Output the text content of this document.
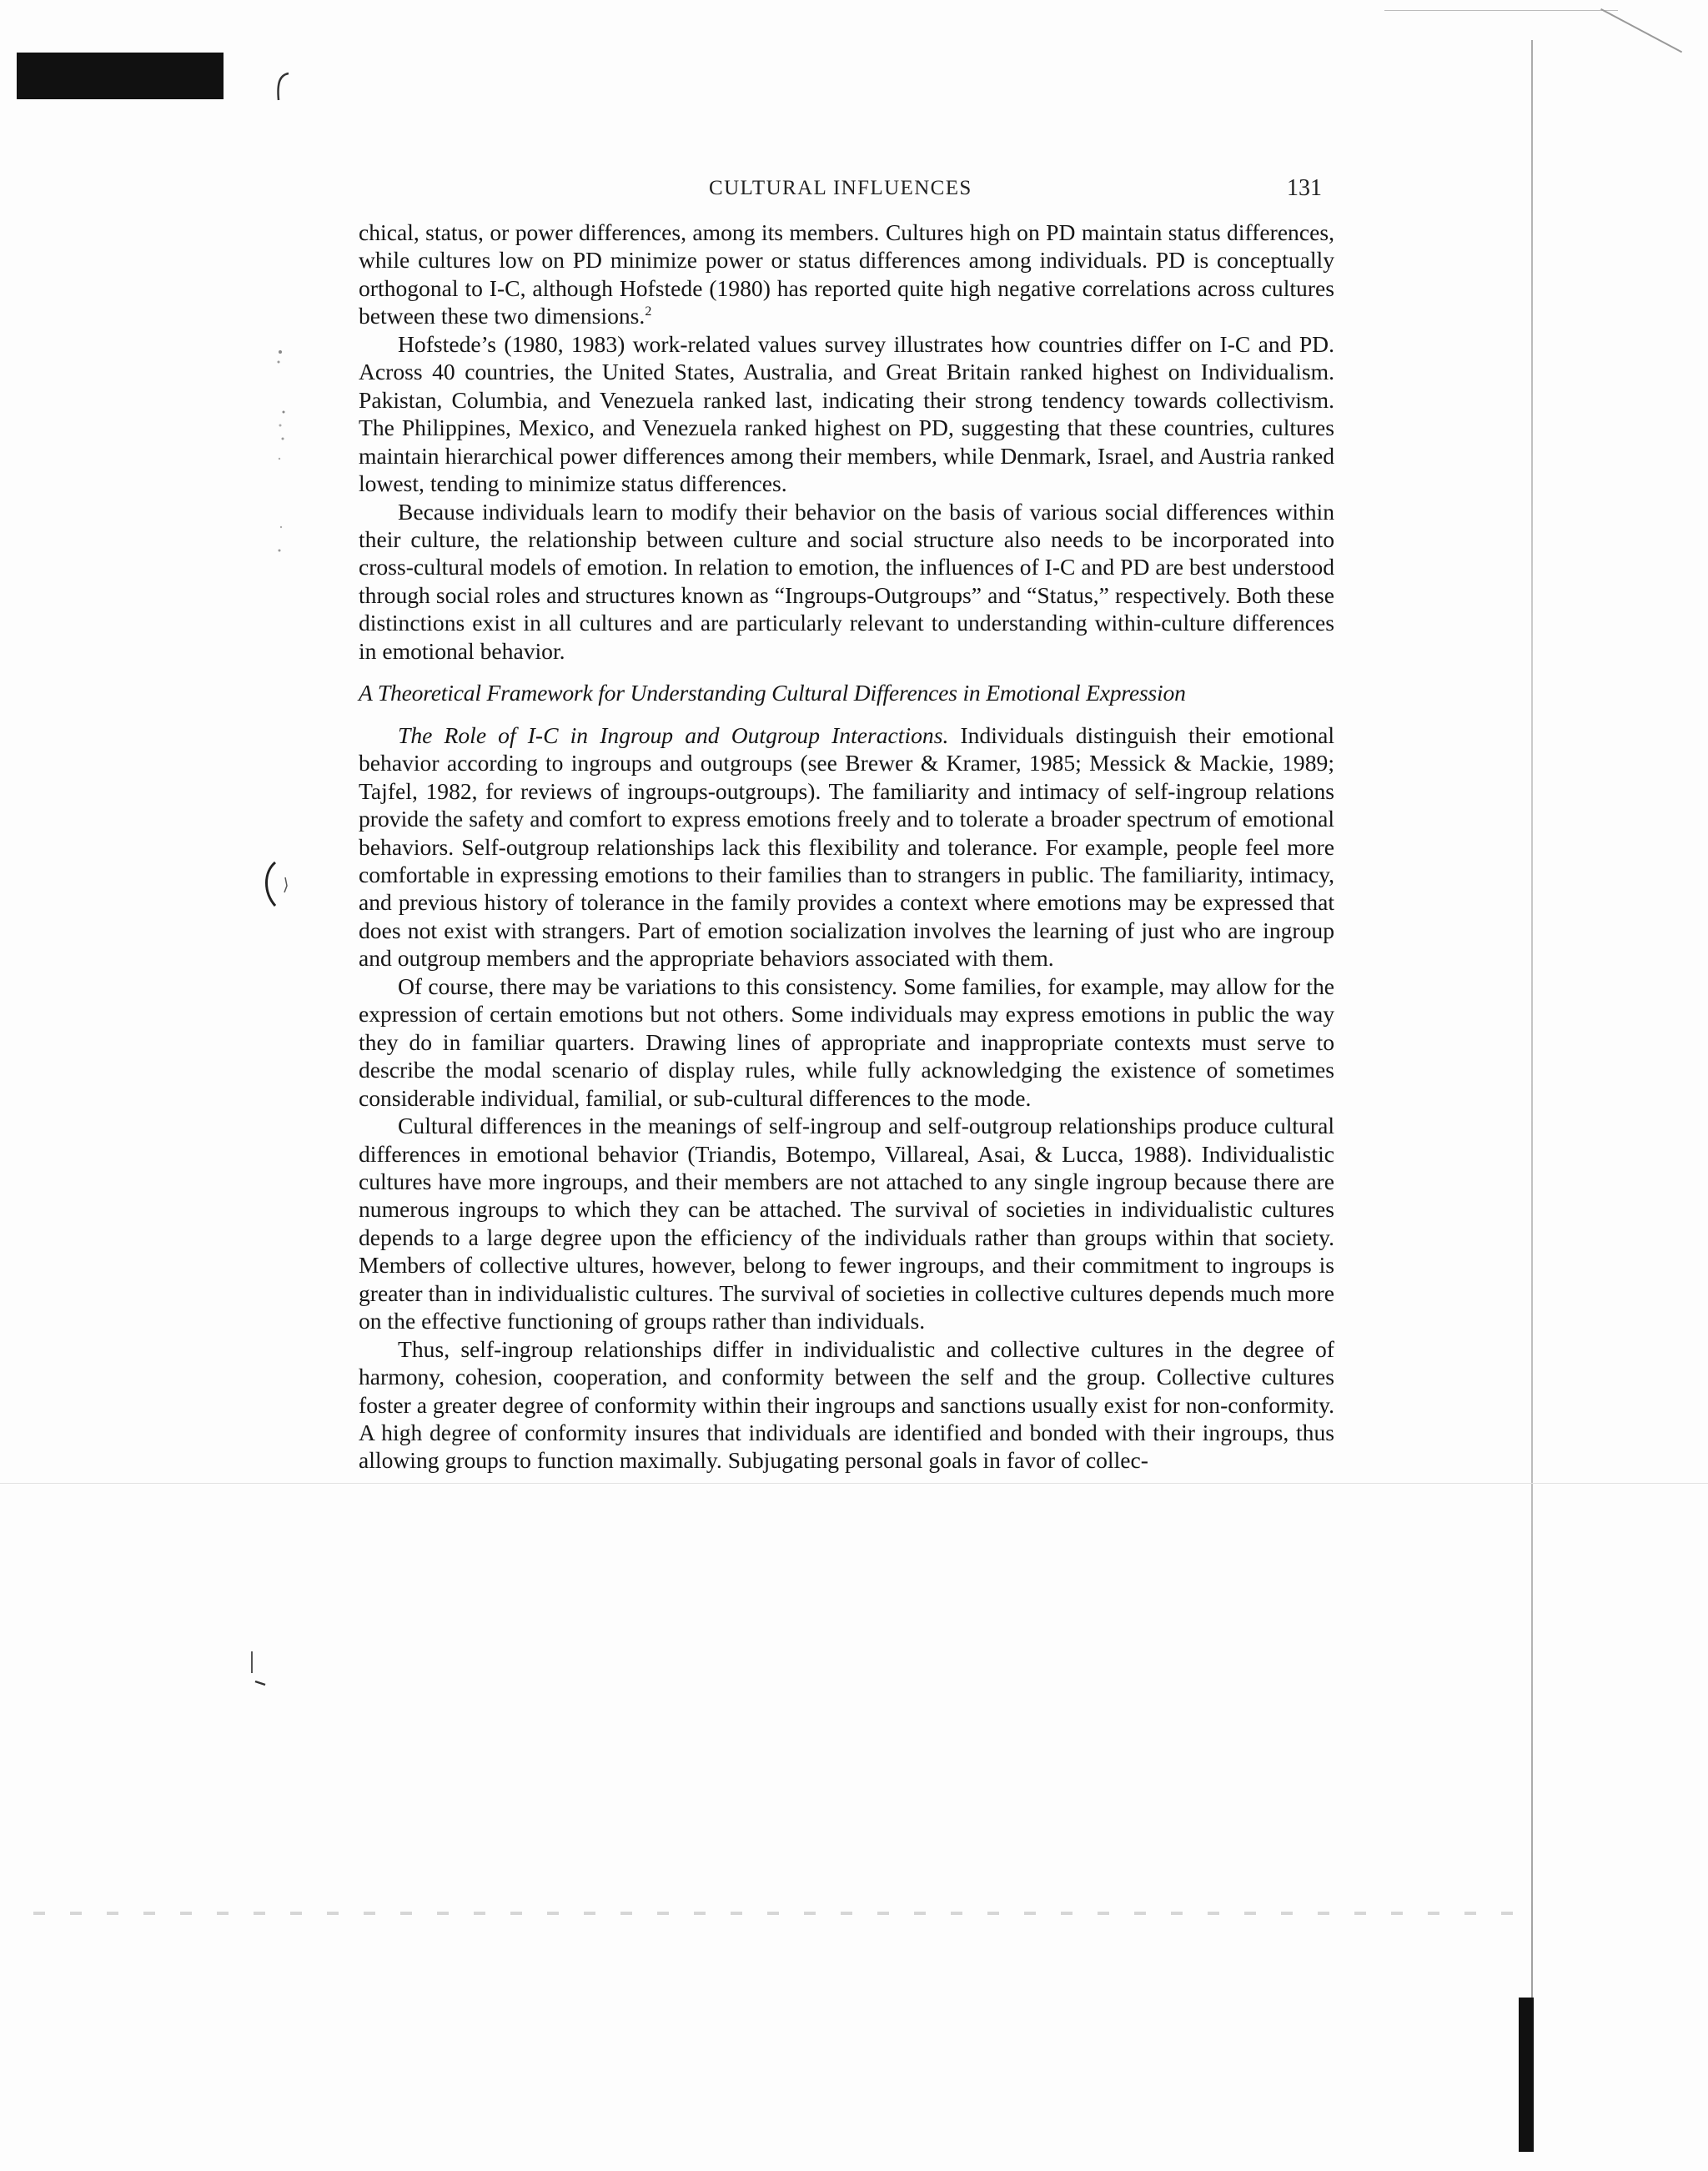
CULTURAL INFLUENCES	131

chical, status, or power differences, among its members. Cultures high on PD maintain status differences, while cultures low on PD minimize power or status differences among individuals. PD is conceptually orthogonal to I-C, although Hofstede (1980) has reported quite high negative correlations across cultures between these two dimensions.$^2$

Hofstede’s (1980, 1983) work-related values survey illustrates how countries differ on I-C and PD. Across 40 countries, the United States, Australia, and Great Britain ranked highest on Individualism. Pakistan, Columbia, and Venezuela ranked last, indicating their strong tendency towards collectivism. The Philippines, Mexico, and Venezuela ranked highest on PD, suggesting that these countries, cultures maintain hierarchical power differences among their members, while Denmark, Israel, and Austria ranked lowest, tending to minimize status differences.

Because individuals learn to modify their behavior on the basis of various social differences within their culture, the relationship between culture and social structure also needs to be incorporated into cross-cultural models of emotion. In relation to emotion, the influences of I-C and PD are best understood through social roles and structures known as “Ingroups-Outgroups” and “Status,” respectively. Both these distinctions exist in all cultures and are particularly relevant to understanding within-culture differences in emotional behavior.

A Theoretical Framework for Understanding Cultural Differences in Emotional Expression

The Role of I-C in Ingroup and Outgroup Interactions. Individuals distinguish their emotional behavior according to ingroups and outgroups (see Brewer & Kramer, 1985; Messick & Mackie, 1989; Tajfel, 1982, for reviews of ingroups-outgroups). The familiarity and intimacy of self-ingroup relations provide the safety and comfort to express emotions freely and to tolerate a broader spectrum of emotional behaviors. Self-outgroup relationships lack this flexibility and tolerance. For example, people feel more comfortable in expressing emotions to their families than to strangers in public. The familiarity, intimacy, and previous history of tolerance in the family provides a context where emotions may be expressed that does not exist with strangers. Part of emotion socialization involves the learning of just who are ingroup and outgroup members and the appropriate behaviors associated with them.

Of course, there may be variations to this consistency. Some families, for example, may allow for the expression of certain emotions but not others. Some individuals may express emotions in public the way they do in familiar quarters. Drawing lines of appropriate and inappropriate contexts must serve to describe the modal scenario of display rules, while fully acknowledging the existence of sometimes considerable individual, familial, or sub-cultural differences to the mode.

Cultural differences in the meanings of self-ingroup and self-outgroup relationships produce cultural differences in emotional behavior (Triandis, Botempo, Villareal, Asai, & Lucca, 1988). Individualistic cultures have more ingroups, and their members are not attached to any single ingroup because there are numerous ingroups to which they can be attached. The survival of societies in individualistic cultures depends to a large degree upon the efficiency of the individuals rather than groups within that society. Members of collective ultures, however, belong to fewer ingroups, and their commitment to ingroups is greater than in individualistic cultures. The survival of societies in collective cultures depends much more on the effective functioning of groups rather than individuals.

Thus, self-ingroup relationships differ in individualistic and collective cultures in the degree of harmony, cohesion, cooperation, and conformity between the self and the group. Collective cultures foster a greater degree of conformity within their ingroups and sanctions usually exist for non-conformity. A high degree of conformity insures that individuals are identified and bonded with their ingroups, thus allowing groups to function maximally. Subjugating personal goals in favor of collec-
